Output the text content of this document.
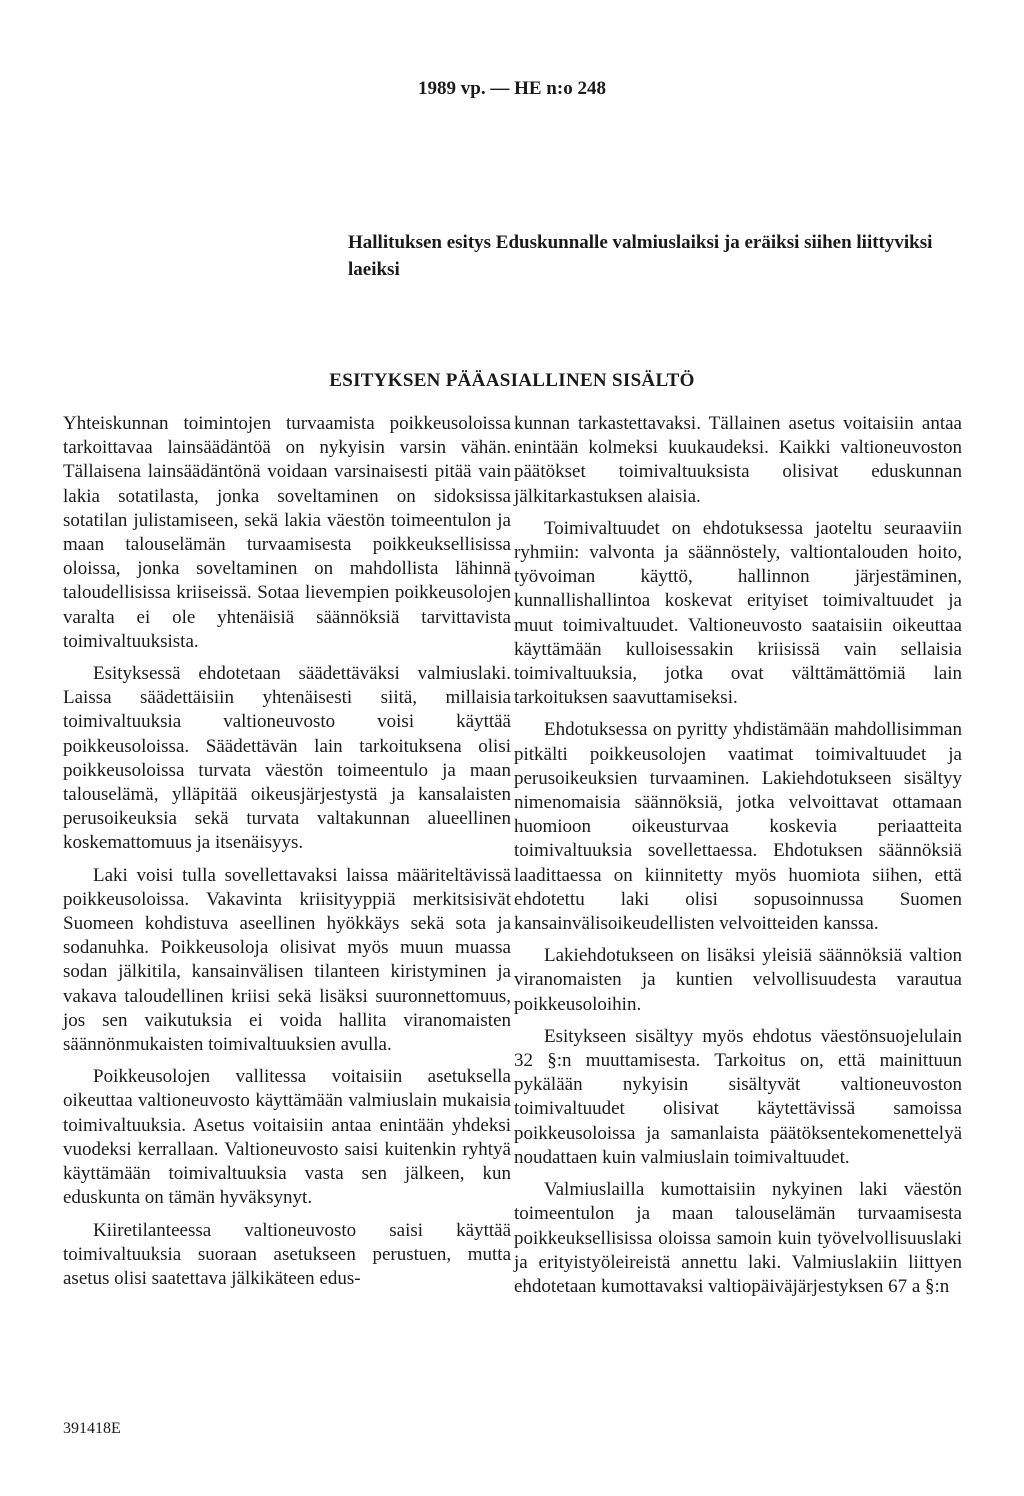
1989 vp. — HE n:o 248
Hallituksen esitys Eduskunnalle valmiuslaiksi ja eräiksi siihen liittyviksi laeiksi
ESITYKSEN PÄÄASIALLINEN SISÄLTÖ

Yhteiskunnan toimintojen turvaamista poikkeusoloissa tarkoittavaa lainsäädäntöä on nykyisin varsin vähän. Tällaisena lainsäädäntönä voidaan varsinaisesti pitää vain lakia sotatilasta, jonka soveltaminen on sidoksissa sotatilan julistamiseen, sekä lakia väestön toimeentulon ja maan talouselämän turvaamisesta poikkeuksellisissa oloissa, jonka soveltaminen on mahdollista lähinnä taloudellisissa kriiseissä. Sotaa lievempien poikkeusolojen varalta ei ole yhtenäisiä säännöksiä tarvittavista toimivaltuuksista.

Esityksessä ehdotetaan säädettäväksi valmiuslaki. Laissa säädettäisiin yhtenäisesti siitä, millaisia toimivaltuuksia valtioneuvosto voisi käyttää poikkeusoloissa. Säädettävän lain tarkoituksena olisi poikkeusoloissa turvata väestön toimeentulo ja maan talouselämä, ylläpitää oikeusjärjestystä ja kansalaisten perusoikeuksia sekä turvata valtakunnan alueellinen koskemattomuus ja itsenäisyys.

Laki voisi tulla sovellettavaksi laissa määriteltävissä poikkeusoloissa. Vakavinta kriisityyppiä merkitsisivät Suomeen kohdistuva aseellinen hyökkäys sekä sota ja sodanuhka. Poikkeusoloja olisivat myös muun muassa sodan jälkitila, kansainvälisen tilanteen kiristyminen ja vakava taloudellinen kriisi sekä lisäksi suuronnettomuus, jos sen vaikutuksia ei voida hallita viranomaisten säännönmukaisten toimivaltuuksien avulla.

Poikkeusolojen vallitessa voitaisiin asetuksella oikeuttaa valtioneuvosto käyttämään valmiuslain mukaisia toimivaltuuksia. Asetus voitaisiin antaa enintään yhdeksi vuodeksi kerrallaan. Valtioneuvosto saisi kuitenkin ryhtyä käyttämään toimivaltuuksia vasta sen jälkeen, kun eduskunta on tämän hyväksynyt.

Kiiretilanteessa valtioneuvosto saisi käyttää toimivaltuuksia suoraan asetukseen perustuen, mutta asetus olisi saatettava jälkikäteen edus-

kunnan tarkastettavaksi. Tällainen asetus voitaisiin antaa enintään kolmeksi kuukaudeksi. Kaikki valtioneuvoston päätökset toimivaltuuksista olisivat eduskunnan jälkitarkastuksen alaisia.

Toimivaltuudet on ehdotuksessa jaoteltu seuraaviin ryhmiin: valvonta ja säännöstely, valtiontalouden hoito, työvoiman käyttö, hallinnon järjestäminen, kunnallishallintoa koskevat erityiset toimivaltuudet ja muut toimivaltuudet. Valtioneuvosto saataisiin oikeuttaa käyttämään kulloisessakin kriisissä vain sellaisia toimivaltuuksia, jotka ovat välttämättömiä lain tarkoituksen saavuttamiseksi.

Ehdotuksessa on pyritty yhdistämään mahdollisimman pitkälti poikkeusolojen vaatimat toimivaltuudet ja perusoikeuksien turvaaminen. Lakiehdotukseen sisältyy nimenomaisia säännöksiä, jotka velvoittavat ottamaan huomioon oikeusturvaa koskevia periaatteita toimivaltuuksia sovellettaessa. Ehdotuksen säännöksiä laadittaessa on kiinnitetty myös huomiota siihen, että ehdotettu laki olisi sopusoinnussa Suomen kansainvälisoikeudellisten velvoitteiden kanssa.

Lakiehdotukseen on lisäksi yleisiä säännöksiä valtion viranomaisten ja kuntien velvollisuudesta varautua poikkeusoloihin.

Esitykseen sisältyy myös ehdotus väestönsuojelulain 32 §:n muuttamisesta. Tarkoitus on, että mainittuun pykälään nykyisin sisältyvät valtioneuvoston toimivaltuudet olisivat käytettävissä samoissa poikkeusoloissa ja samanlaista päätöksentekomenettelyä noudattaen kuin valmiuslain toimivaltuudet.

Valmiuslailla kumottaisiin nykyinen laki väestön toimeentulon ja maan talouselämän turvaamisesta poikkeuksellisissa oloissa samoin kuin työvelvollisuuslaki ja erityistyöleireistä annettu laki. Valmiuslakiin liittyen ehdotetaan kumottavaksi valtiopäiväjärjestyksen 67 a §:n

391418E
